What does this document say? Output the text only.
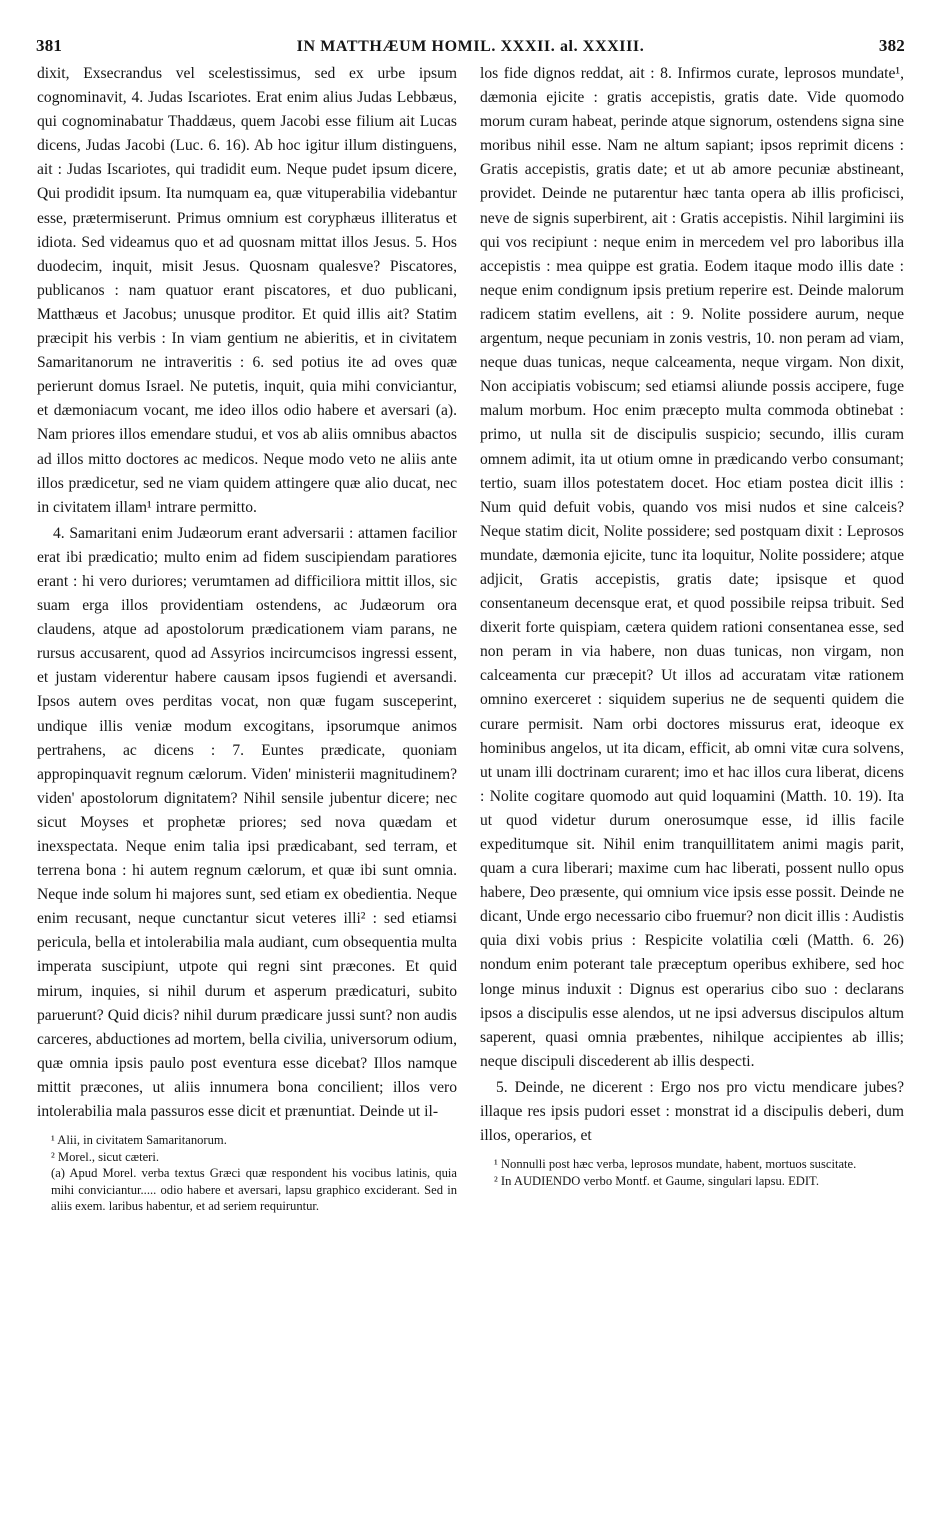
381	IN MATTHÆUM HOMIL. XXXII. al. XXXIII.	382

dixit, Exsecrandus vel scelestissimus, sed ex urbe ipsum cognominavit, 4. Judas Iscariotes. Erat enim alius Judas Lebbæus, qui cognominabatur Thaddæus, quem Jacobi esse filium ait Lucas dicens, Judas Jacobi (Luc. 6. 16). Ab hoc igitur illum distinguens, ait : Judas Iscariotes, qui tradidit eum. Neque pudet ipsum dicere, Qui prodidit ipsum. Ita numquam ea, quæ vituperabilia videbantur esse, prætermiserunt. Primus omnium est coryphæus illiteratus et idiota. Sed videamus quo et ad quosnam mittat illos Jesus. 5. Hos duodecim, inquit, misit Jesus. Quosnam qualesve? Piscatores, publicanos : nam quatuor erant piscatores, et duo publicani, Matthæus et Jacobus; unusque proditor. Et quid illis ait? Statim præcipit his verbis : In viam gentium ne abieritis, et in civitatem Samaritanorum ne intraveritis : 6. sed potius ite ad oves quæ perierunt domus Israel. Ne putetis, inquit, quia mihi conviciantur, et dæmoniacum vocant, me ideo illos odio habere et aversari (a). Nam priores illos emendare studui, et vos ab aliis omnibus abactos ad illos mitto doctores ac medicos. Neque modo veto ne aliis ante illos prædicetur, sed ne viam quidem attingere quæ alio ducat, nec in civitatem illam¹ intrare permitto.

4. Samaritani enim Judæorum erant adversarii : attamen facilior erat ibi prædicatio; multo enim ad fidem suscipiendam paratiores erant : hi vero duriores; verumtamen ad difficiliora mittit illos, sic suam erga illos providentiam ostendens, ac Judæorum ora claudens, atque ad apostolorum prædicationem viam parans, ne rursus accusarent, quod ad Assyrios incircumcisos ingressi essent, et justam viderentur habere causam ipsos fugiendi et aversandi. Ipsos autem oves perditas vocat, non quæ fugam susceperint, undique illis veniæ modum excogitans, ipsorumque animos pertrahens, ac dicens : 7. Euntes prædicate, quoniam appropinquavit regnum cælorum. Viden' ministerii magnitudinem? viden' apostolorum dignitatem? Nihil sensile jubentur dicere; nec sicut Moyses et prophetæ priores; sed nova quædam et inexspectata. Neque enim talia ipsi prædicabant, sed terram, et terrena bona : hi autem regnum cælorum, et quæ ibi sunt omnia. Neque inde solum hi majores sunt, sed etiam ex obedientia. Neque enim recusant, neque cunctantur sicut veteres illi² : sed etiamsi pericula, bella et intolerabilia mala audiant, cum obsequentia multa imperata suscipiunt, utpote qui regni sint præcones. Et quid mirum, inquies, si nihil durum et asperum prædicaturi, subito paruerunt? Quid dicis? nihil durum prædicare jussi sunt? non audis carceres, abductiones ad mortem, bella civilia, universorum odium, quæ omnia ipsis paulo post eventura esse dicebat? Illos namque mittit præcones, ut aliis innumera bona concilient; illos vero intolerabilia mala passuros esse dicit et prænuntiat. Deinde ut il-

¹ Alii, in civitatem Samaritanorum.
² Morel., sicut cæteri.
(a) Apud Morel. verba textus Græci quæ respondent his vocibus latinis, quia mihi conviciantur..... odio habere et aversari, lapsu graphico exciderant. Sed in aliis exem. laribus habentur, et ad seriem requiruntur.

los fide dignos reddat, ait : 8. Infirmos curate, leprosos mundate¹, dæmonia ejicite : gratis accepistis, gratis date. Vide quomodo morum curam habeat, perinde atque signorum, ostendens signa sine moribus nihil esse. Nam ne altum sapiant; ipsos reprimit dicens : Gratis accepistis, gratis date; et ut ab amore pecuniæ abstineant, providet. Deinde ne putarentur hæc tanta opera ab illis proficisci, neve de signis superbirent, ait : Gratis accepistis. Nihil largimini iis qui vos recipiunt : neque enim in mercedem vel pro laboribus illa accepistis : mea quippe est gratia. Eodem itaque modo illis date : neque enim condignum ipsis pretium reperire est. Deinde malorum radicem statim evellens, ait : 9. Nolite possidere aurum, neque argentum, neque pecuniam in zonis vestris, 10. non peram ad viam, neque duas tunicas, neque calceamenta, neque virgam. Non dixit, Non accipiatis vobiscum; sed etiamsi aliunde possis accipere, fuge malum morbum. Hoc enim præcepto multa commoda obtinebat : primo, ut nulla sit de discipulis suspicio; secundo, illis curam omnem adimit, ita ut otium omne in prædicando verbo consumant; tertio, suam illos potestatem docet. Hoc etiam postea dicit illis : Num quid defuit vobis, quando vos misi nudos et sine calceis? Neque statim dicit, Nolite possidere; sed postquam dixit : Leprosos mundate, dæmonia ejicite, tunc ita loquitur, Nolite possidere; atque adjicit, Gratis accepistis, gratis date; ipsisque et quod consentaneum decensque erat, et quod possibile reipsa tribuit. Sed dixerit forte quispiam, cætera quidem rationi consentanea esse, sed non peram in via habere, non duas tunicas, non virgam, non calceamenta cur præcepit? Ut illos ad accuratam vitæ rationem omnino exerceret : siquidem superius ne de sequenti quidem die curare permisit. Nam orbi doctores missurus erat, ideoque ex hominibus angelos, ut ita dicam, efficit, ab omni vitæ cura solvens, ut unam illi doctrinam curarent; imo et hac illos cura liberat, dicens : Nolite cogitare quomodo aut quid loquamini (Matth. 10. 19). Ita ut quod videtur durum onerosumque esse, id illis facile expeditumque sit. Nihil enim tranquillitatem animi magis parit, quam a cura liberari; maxime cum hac liberati, possent nullo opus habere, Deo præsente, qui omnium vice ipsis esse possit. Deinde ne dicant, Unde ergo necessario cibo fruemur? non dicit illis : Audistis quia dixi vobis prius : Respicite volatilia cœli (Matth. 6. 26) nondum enim poterant tale præceptum operibus exhibere, sed hoc longe minus induxit : Dignus est operarius cibo suo : declarans ipsos a discipulis esse alendos, ut ne ipsi adversus discipulos altum saperent, quasi omnia præbentes, nihilque accipientes ab illis; neque discipuli discederent ab illis despecti.

5. Deinde, ne dicerent : Ergo nos pro victu mendicare jubes? illaque res ipsis pudori esset : monstrat id a discipulis deberi, dum illos, operarios, et

¹ Nonnulli post hæc verba, leprosos mundate, habent, mortuos suscitate.
² In AUDIENDO verbo Montf. et Gaume, singulari lapsu. EDIT.
